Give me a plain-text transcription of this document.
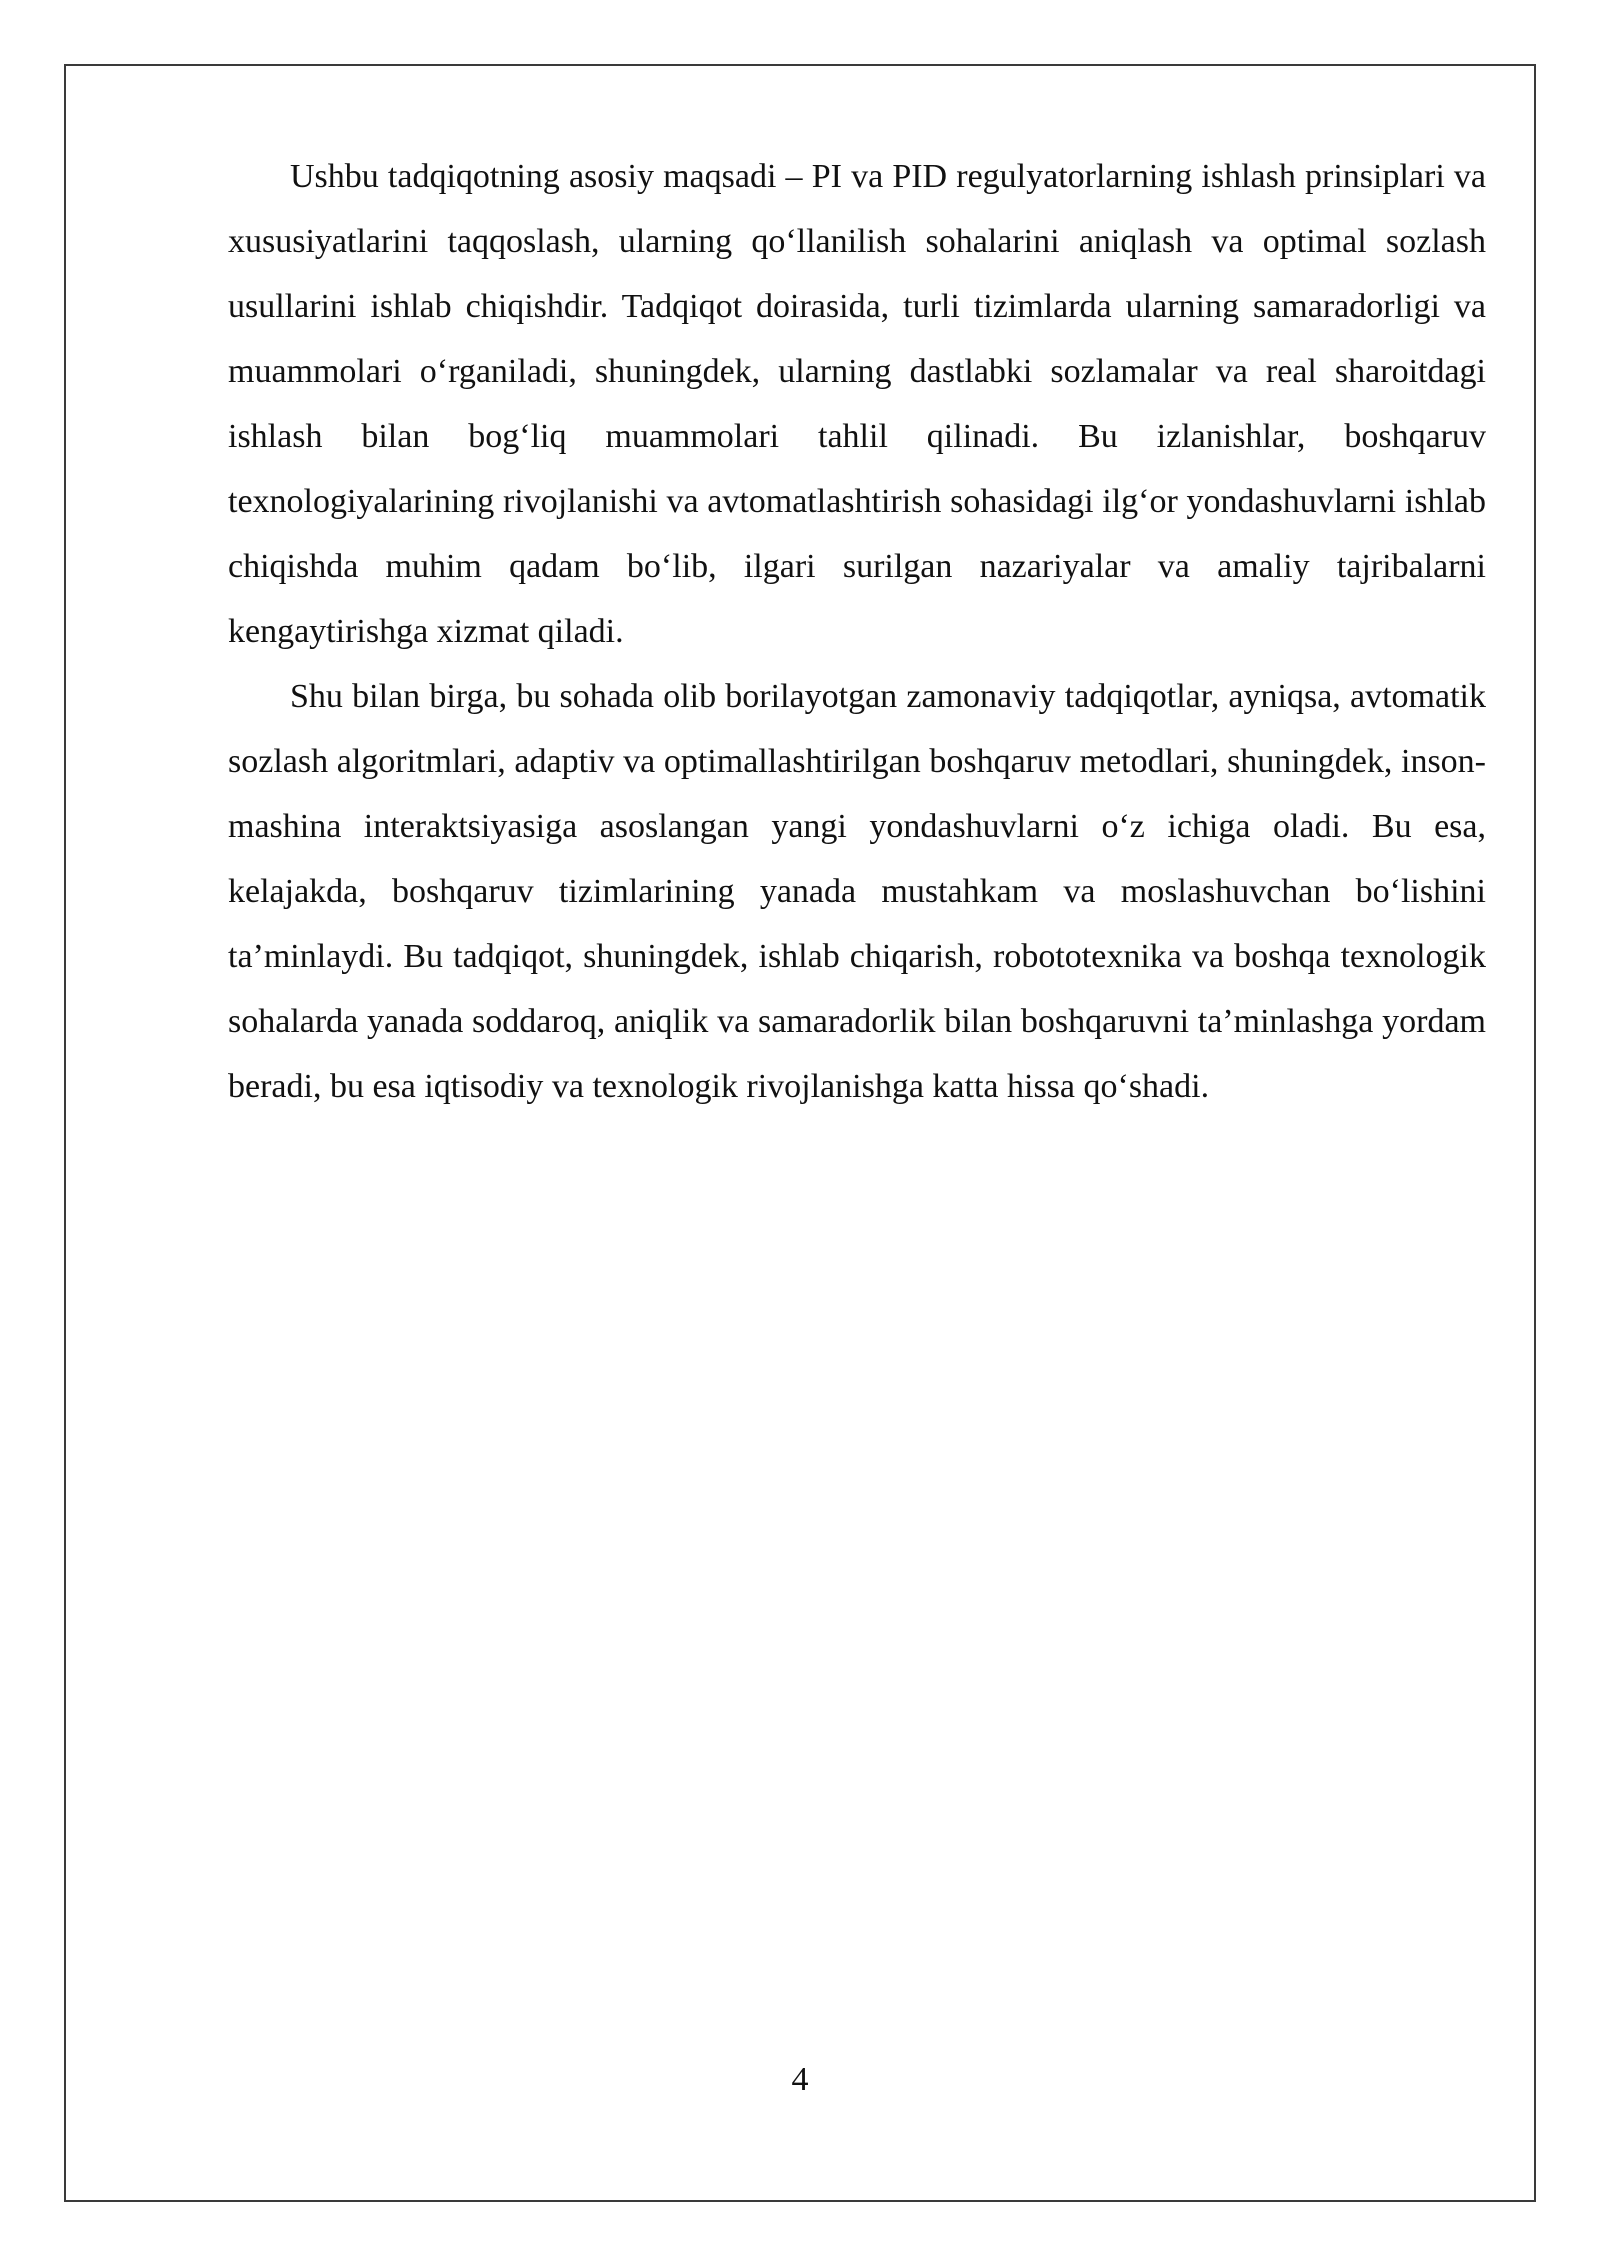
Ushbu tadqiqotning asosiy maqsadi – PI va PID regulyatorlarning ishlash prinsiplari va xususiyatlarini taqqoslash, ularning qo‘llanilish sohalarini aniqlash va optimal sozlash usullarini ishlab chiqishdir. Tadqiqot doirasida, turli tizimlarda ularning samaradorligi va muammolari o‘rganiladi, shuningdek, ularning dastlabki sozlamalar va real sharoitdagi ishlash bilan bog‘liq muammolari tahlil qilinadi. Bu izlanishlar, boshqaruv texnologiyalarining rivojlanishi va avtomatlashtirish sohasidagi ilg‘or yondashuvlarni ishlab chiqishda muhim qadam bo‘lib, ilgari surilgan nazariyalar va amaliy tajribalarni kengaytirishga xizmat qiladi.

Shu bilan birga, bu sohada olib borilayotgan zamonaviy tadqiqotlar, ayniqsa, avtomatik sozlash algoritmlari, adaptiv va optimallashtirilgan boshqaruv metodlari, shuningdek, inson-mashina interaktsiyasiga asoslangan yangi yondashuvlarni o‘z ichiga oladi. Bu esa, kelajakda, boshqaruv tizimlarining yanada mustahkam va moslashuvchan bo‘lishini ta’minlaydi. Bu tadqiqot, shuningdek, ishlab chiqarish, robototexnika va boshqa texnologik sohalarda yanada soddaroq, aniqlik va samaradorlik bilan boshqaruvni ta’minlashga yordam beradi, bu esa iqtisodiy va texnologik rivojlanishga katta hissa qo‘shadi.

4
